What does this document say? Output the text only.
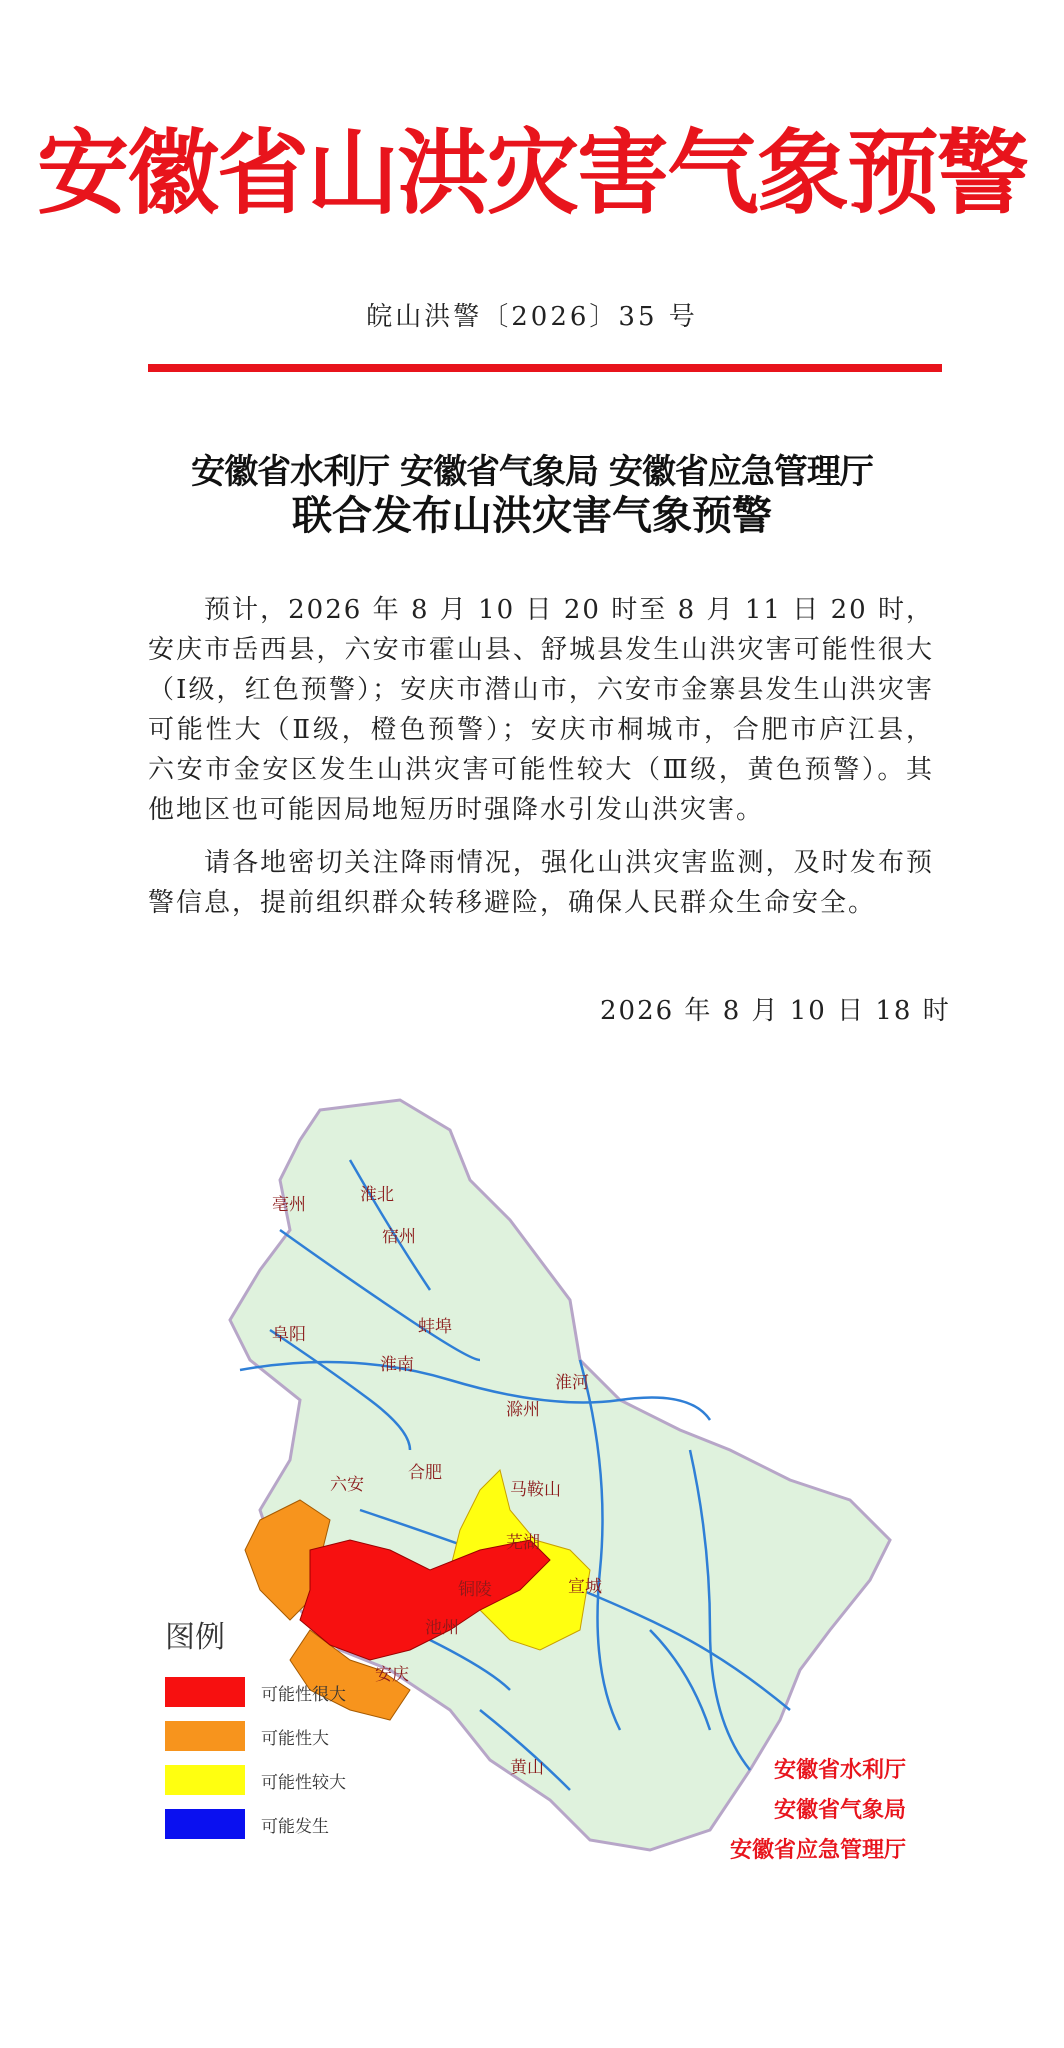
安徽省山洪灾害气象预警
皖山洪警〔2026〕35 号
安徽省水利厅 安徽省气象局 安徽省应急管理厅
联合发布山洪灾害气象预警
预计，2026 年 8 月 10 日 20 时至 8 月 11 日 20 时，安庆市岳西县，六安市霍山县、舒城县发生山洪灾害可能性很大（Ⅰ级，红色预警）；安庆市潜山市，六安市金寨县发生山洪灾害可能性大（Ⅱ级，橙色预警）；安庆市桐城市，合肥市庐江县，六安市金安区发生山洪灾害可能性较大（Ⅲ级，黄色预警）。其他地区也可能因局地短历时强降水引发山洪灾害。
请各地密切关注降雨情况，强化山洪灾害监测，及时发布预警信息，提前组织群众转移避险，确保人民群众生命安全。
2026 年 8 月 10 日 18 时
亳州	淮北
宿州
阜阳	蚌埠
淮南
滁州
六安
合肥
马鞍山
芜湖
宣城
铜陵
池州
安庆
黄山
淮河
图例
可能性很大
可能性大
可能性较大
可能发生
安徽省水利厅
安徽省气象局
安徽省应急管理厅
